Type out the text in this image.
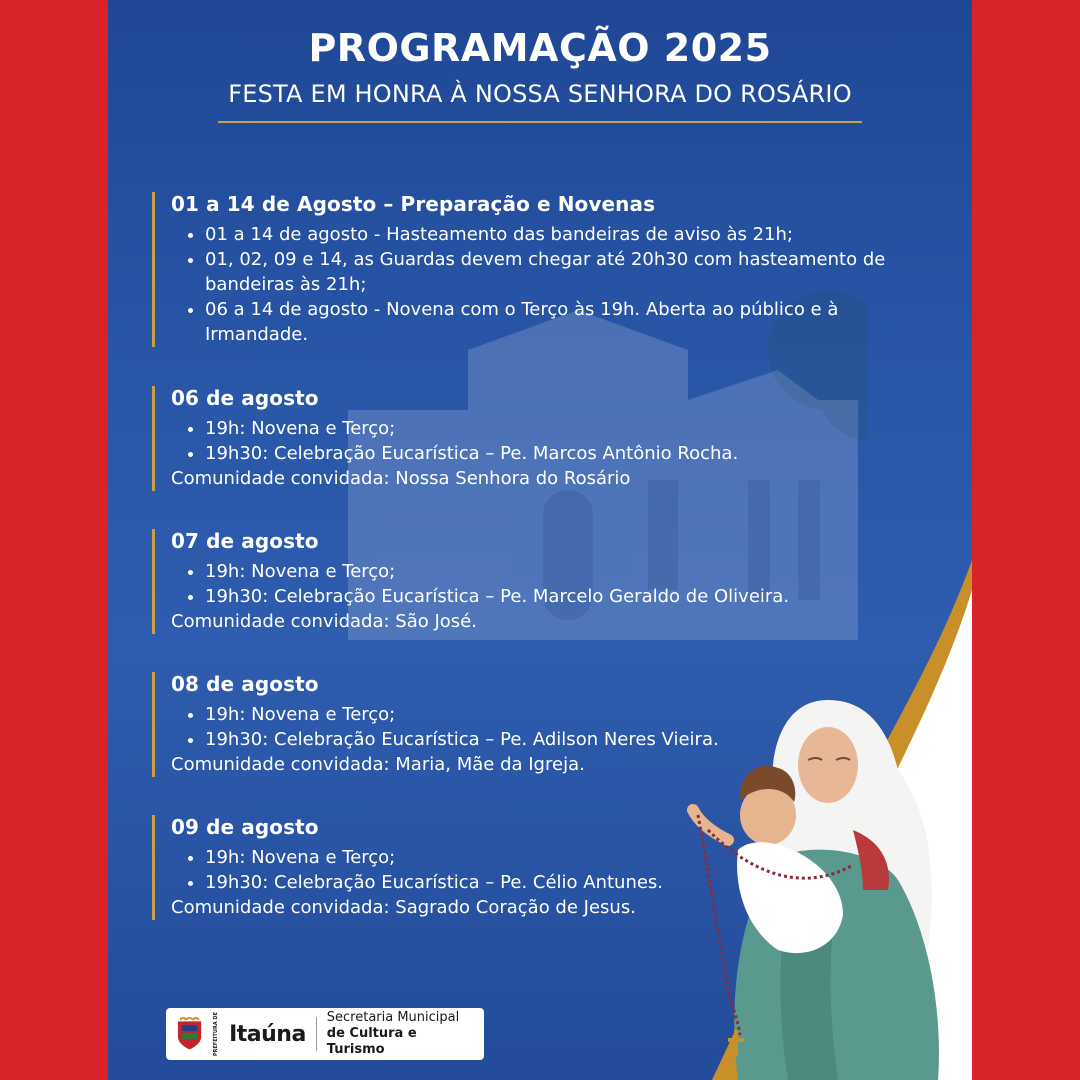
PROGRAMAÇÃO 2025
FESTA EM HONRA À NOSSA SENHORA DO ROSÁRIO
01 a 14 de Agosto – Preparação e Novenas
• 01 a 14 de agosto - Hasteamento das bandeiras de aviso às 21h;
• 01, 02, 09 e 14, as Guardas devem chegar até 20h30 com hasteamento de bandeiras às 21h;
• 06 a 14 de agosto - Novena com o Terço às 19h. Aberta ao público e à Irmandade.
06 de agosto
• 19h: Novena e Terço;
• 19h30: Celebração Eucarística – Pe. Marcos Antônio Rocha.
Comunidade convidada: Nossa Senhora do Rosário
07 de agosto
• 19h: Novena e Terço;
• 19h30: Celebração Eucarística – Pe. Marcelo Geraldo de Oliveira.
Comunidade convidada: São José.
08 de agosto
• 19h: Novena e Terço;
• 19h30: Celebração Eucarística – Pe. Adilson Neres Vieira.
Comunidade convidada: Maria, Mãe da Igreja.
09 de agosto
• 19h: Novena e Terço;
• 19h30: Celebração Eucarística – Pe. Célio Antunes.
Comunidade convidada: Sagrado Coração de Jesus.
PREFEITURA DE Itaúna
Secretaria Municipal
de Cultura e Turismo
